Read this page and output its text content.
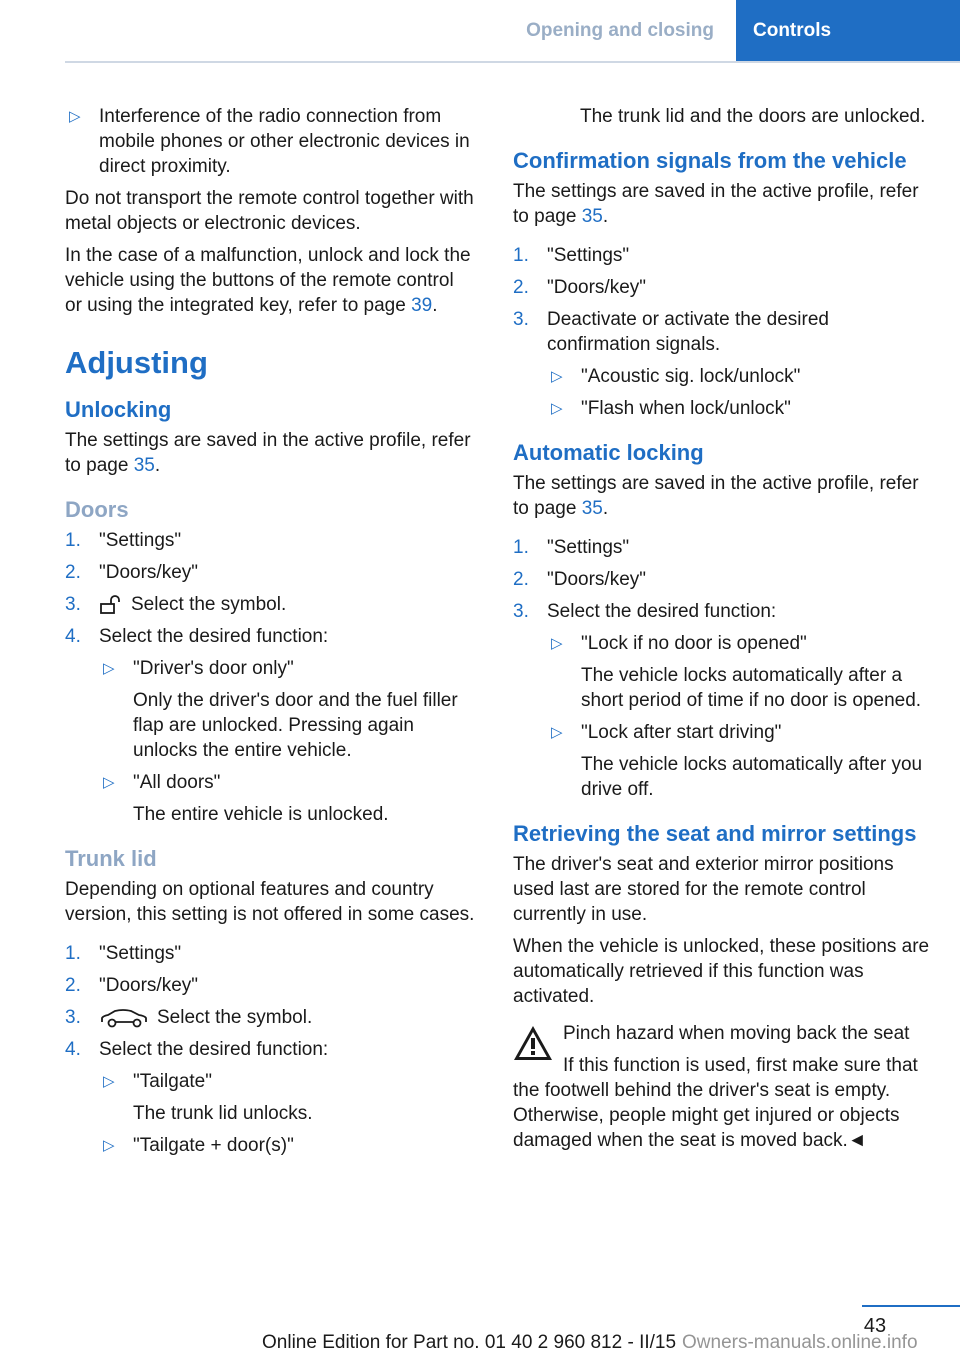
Opening and closing	Controls
▷ Interference of the radio connection from mobile phones or other electronic devices in direct proximity.

Do not transport the remote control together with metal objects or electronic devices.

In the case of a malfunction, unlock and lock the vehicle using the buttons of the remote control or using the integrated key, refer to page 39.

Adjusting
Unlocking

The settings are saved in the active profile, refer to page 35.

Doors
1. "Settings"
2. "Doors/key"
3.	Select the symbol.
4. Select the desired function:
▷ "Driver's door only"
Only the driver's door and the fuel filler flap are unlocked. Pressing again unlocks the entire vehicle.
▷ "All doors"
The entire vehicle is unlocked.
Trunk lid

Depending on optional features and country version, this setting is not offered in some cases.

1. "Settings"
2. "Doors/key"
3.	Select the symbol.
4. Select the desired function:
▷ "Tailgate"
The trunk lid unlocks.
▷ "Tailgate + door(s)"

The trunk lid and the doors are unlocked.

Confirmation signals from the vehicle

The settings are saved in the active profile, refer to page 35.

1. "Settings"
2. "Doors/key"
3. Deactivate or activate the desired confirmation signals.
▷ "Acoustic sig. lock/unlock"
▷ "Flash when lock/unlock"
Automatic locking

The settings are saved in the active profile, refer to page 35.

1. "Settings"
2. "Doors/key"
3. Select the desired function:
▷ "Lock if no door is opened"
The vehicle locks automatically after a short period of time if no door is opened.
▷ "Lock after start driving"
The vehicle locks automatically after you drive off.
Retrieving the seat and mirror settings

The driver's seat and exterior mirror positions used last are stored for the remote control currently in use.

When the vehicle is unlocked, these positions are automatically retrieved if this function was activated.

Pinch hazard when moving back the seat
If this function is used, first make sure that the footwell behind the driver's seat is empty. Otherwise, people might get injured or objects damaged when the seat is moved back.◄
43
Online Edition for Part no. 01 40 2 960 812 - II/15 Owners-manuals.online.info
